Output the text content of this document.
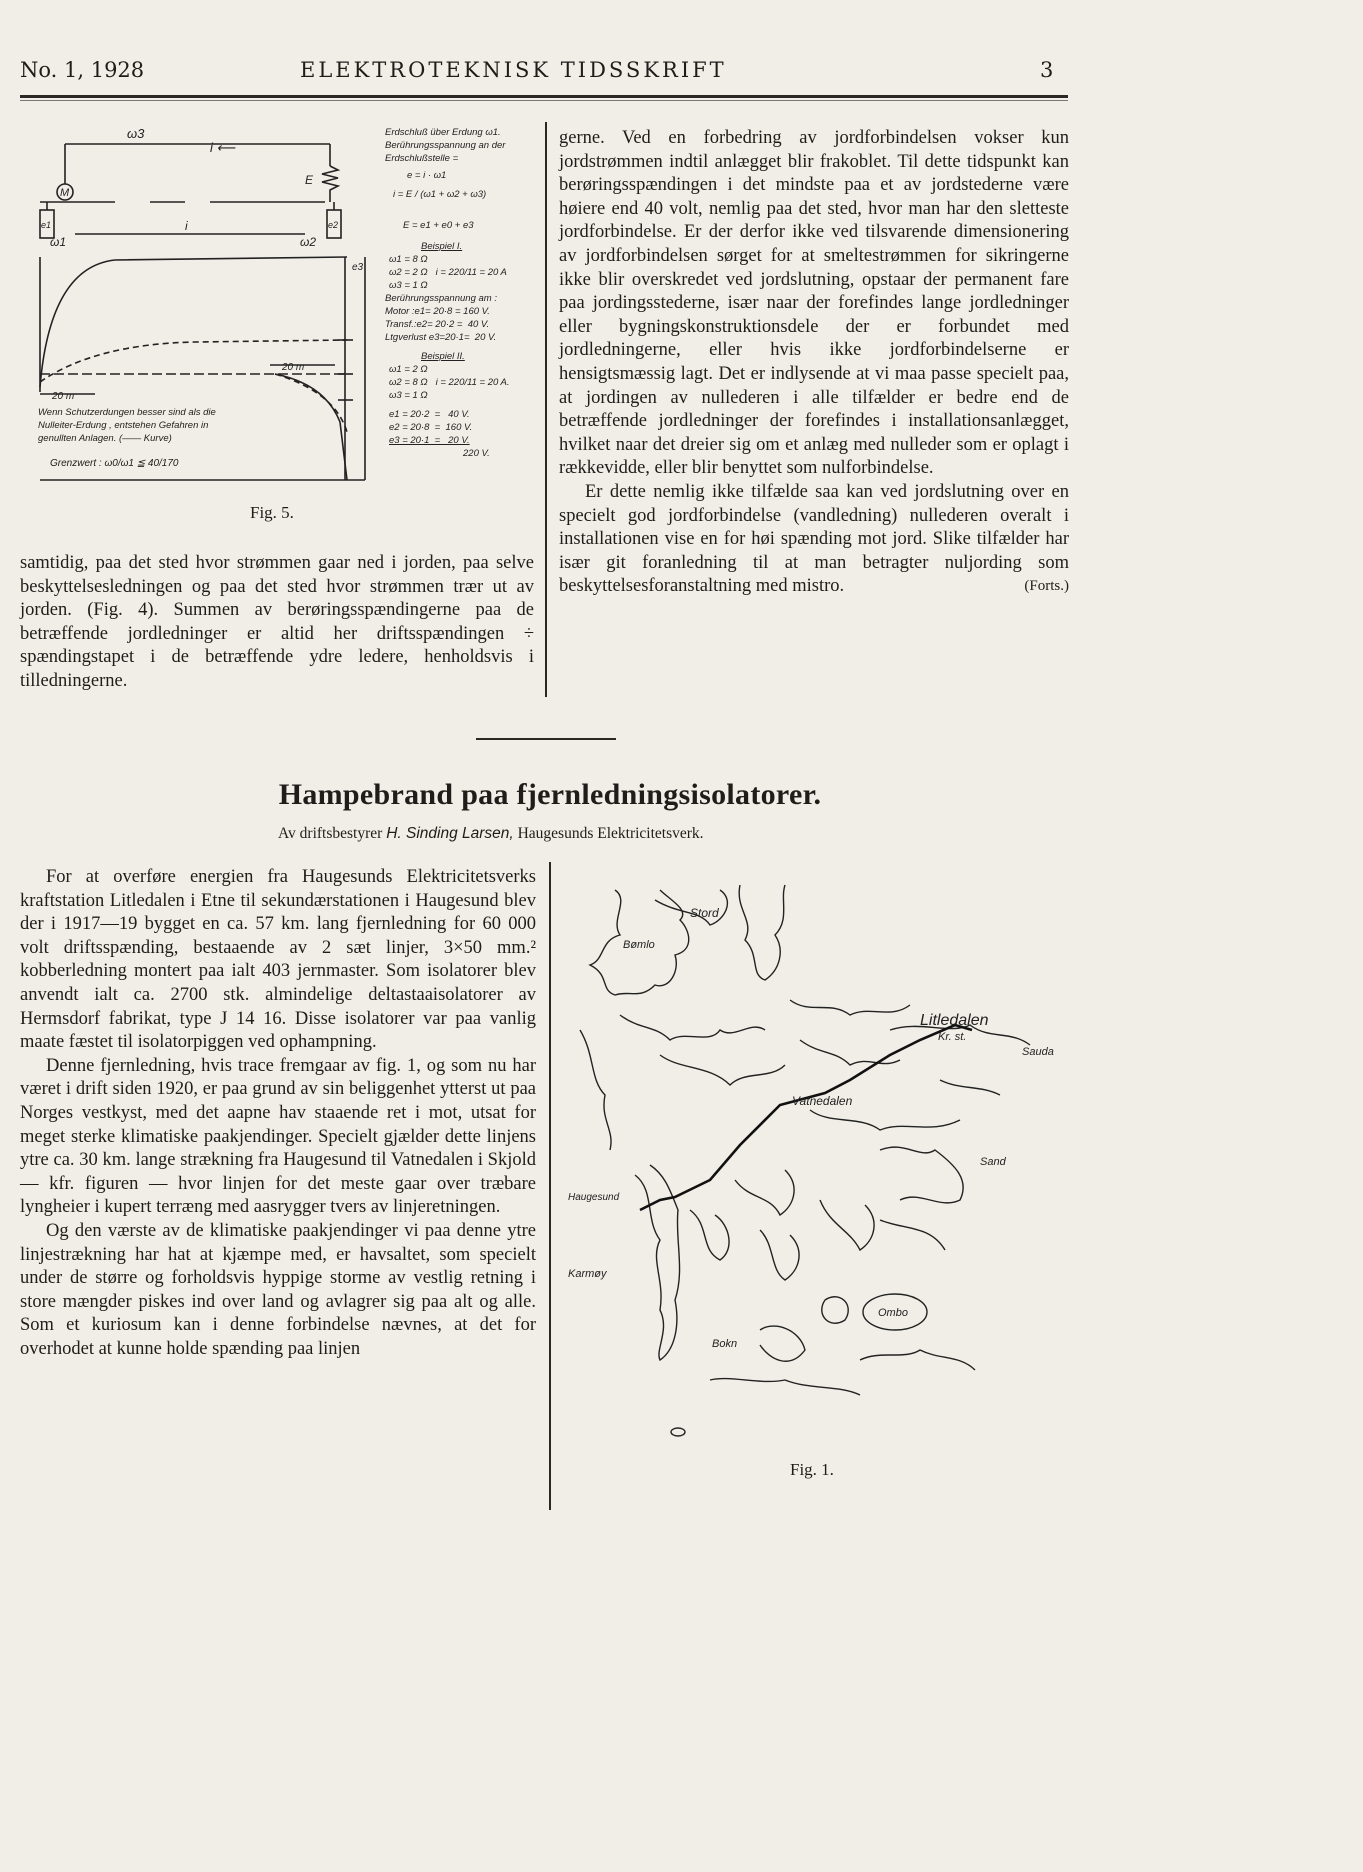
No. 1, 1928	ELEKTROTEKNISK TIDSSKRIFT	3
ω3
i ⟵
M
E
e1	e2
ω1	ω2
i
e3
20 m
20 m
Wenn Schutzerdungen besser sind als die
Nulleiter-Erdung , entstehen Gefahren in
genullten Anlagen. (—— Kurve)
Grenzwert : ω0/ω1 ≦ 40/170
Erdschluß über Erdung ω1.
Berührungsspannung an der
Erdschlußstelle =
e = i · ω1
i = E / (ω1 + ω2 + ω3)
E = e1 + e0 + e3
Beispiel I.
ω1 = 8 Ω
ω2 = 2 Ω   i = 220/11 = 20 A
ω3 = 1 Ω
Berührungsspannung am :
Motor :e1= 20·8 = 160 V.
Transf.:e2= 20·2 =  40 V.
Ltgverlust e3=20·1=  20 V.
Beispiel II.
ω1 = 2 Ω
ω2 = 8 Ω   i = 220/11 = 20 A.
ω3 = 1 Ω
e1 = 20·2  =   40 V.
e2 = 20·8  =  160 V.
e3 = 20·1  =   20 V.
220 V.
Fig. 5.

samtidig, paa det sted hvor strømmen gaar ned i jorden, paa selve beskyttelsesledningen og paa det sted hvor strømmen trær ut av jorden. (Fig. 4). Summen av berøringsspændingerne paa de betræffende jordledninger er altid her driftsspændingen ÷ spændingstapet i de betræffende ydre ledere, henholdsvis i tilledningerne.

gerne. Ved en forbedring av jordforbindelsen vokser kun jordstrømmen indtil anlægget blir frakoblet. Til dette tidspunkt kan berøringsspændingen i det mindste paa et av jordstederne være høiere end 40 volt, nemlig paa det sted, hvor man har den sletteste jordforbindelse. Er der derfor ikke ved tilsvarende dimensionering av jordforbindelsen sørget for at smeltestrømmen for sikringerne ikke blir overskredet ved jordslutning, opstaar der permanent fare paa jordingsstederne, især naar der forefindes lange jordledninger eller bygningskonstruktionsdele der er forbundet med jordledningerne, eller hvis ikke jordforbindelserne er hensigtsmæssig lagt. Det er indlysende at vi maa passe specielt paa, at jordingen av nullederen i alle tilfælder er bedre end de betræffende jordledninger der forefindes i installationsanlægget, hvilket naar det dreier sig om et anlæg med nulleder som er oplagt i rækkevidde, eller blir benyttet som nulforbindelse.

Er dette nemlig ikke tilfælde saa kan ved jordslutning over en specielt god jordforbindelse (vandledning) nullederen overalt i installationen vise en for høi spænding mot jord. Slike tilfælder har især git foranledning til at man betragter nuljording som beskyttelsesforanstaltning med mistro.	(Forts.)

Hampebrand paa fjernledningsisolatorer.
Av driftsbestyrer H. Sinding Larsen, Haugesunds Elektricitetsverk.

For at overføre energien fra Haugesunds Elektricitetsverks kraftstation Litledalen i Etne til sekundærstationen i Haugesund blev der i 1917—19 bygget en ca. 57 km. lang fjernledning for 60 000 volt driftsspænding, bestaaende av 2 sæt linjer, 3×50 mm.² kobberledning montert paa ialt 403 jernmaster. Som isolatorer blev anvendt ialt ca. 2700 stk. almindelige deltastaaisolatorer av Hermsdorf fabrikat, type J 14 16. Disse isolatorer var paa vanlig maate fæstet til isolatorpiggen ved ophampning.

Denne fjernledning, hvis trace fremgaar av fig. 1, og som nu har været i drift siden 1920, er paa grund av sin beliggenhet ytterst ut paa Norges vestkyst, med det aapne hav staaende ret i mot, utsat for meget sterke klimatiske paakjendinger. Specielt gjælder dette linjens ytre ca. 30 km. lange strækning fra Haugesund til Vatnedalen i Skjold — kfr. figuren — hvor linjen for det meste gaar over træbare lyngheier i kupert terræng med aasrygger tvers av linjeretningen.

Og den værste av de klimatiske paakjendinger vi paa denne ytre linjestrækning har hat at kjæmpe med, er havsaltet, som specielt under de større og forholdsvis hyppige storme av vestlig retning i store mængder piskes ind over land og avlagrer sig paa alt og alle. Som et kuriosum kan i denne forbindelse nævnes, at det for overhodet at kunne holde spænding paa linjen

Stord
Bømlo
Litledalen
Kr. st.
Sauda
Vatnedalen
Sand
Haugesund
Karmøy
Ombo
Bokn
Fig. 1.
